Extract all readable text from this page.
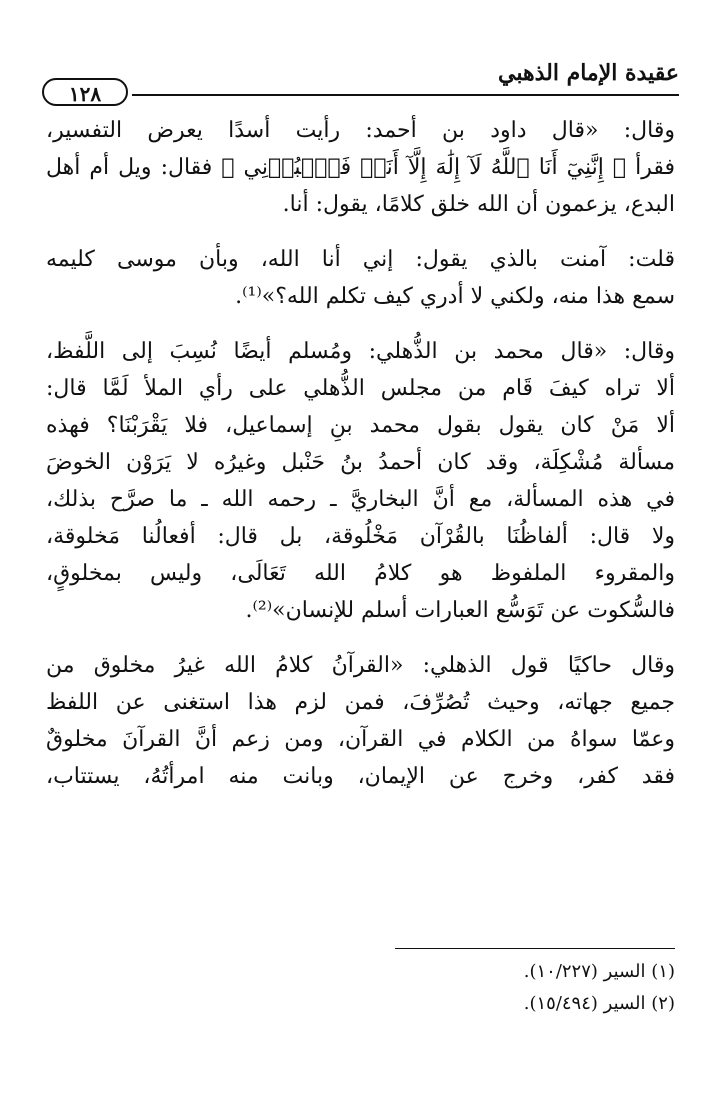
عقيدة الإمام الذهبي
١٢٨

وقال: «قال داود بن أحمد: رأيت أسدًا يعرض التفسير،
فقرأ ﴿ إِنَّنِيٓ أَنَا ٱللَّهُ لَآ إِلَٰهَ إِلَّآ أَنَا۠ فَٱعۡبُدۡنِي ﴾ فقال: ويل أم أهل
البدع، يزعمون أن الله خلق كلامًا، يقول: أنا.

قلت: آمنت بالذي يقول: إني أنا الله، وبأن موسى كليمه
سمع هذا منه، ولكني لا أدري كيف تكلم الله؟»⁽¹⁾.

وقال: «قال محمد بن الذُّهلي: ومُسلم أيضًا نُسِبَ إلى اللَّفظ،
ألا تراه كيفَ قَام من مجلس الذُّهلي على رأي الملأ لَمَّا قال:
ألا مَنْ كان يقول بقول محمد بنِ إسماعيل، فلا يَقْرَبْنَا؟ فهذه
مسألة مُشْكِلَة، وقد كان أحمدُ بنُ حَنْبل وغيرُه لا يَرَوْن الخوضَ
في هذه المسألة، مع أنَّ البخاريَّ ـ رحمه الله ـ ما صرَّح بذلك،
ولا قال: ألفاظُنَا بالقُرْآن مَخْلُوقة، بل قال: أفعالُنا مَخلوقة،
والمقروء الملفوظ هو كلامُ الله تَعَالَى، وليس بمخلوقٍ،
فالسُّكوت عن تَوَسُّع العبارات أسلم للإنسان»⁽²⁾.

وقال حاكيًا قول الذهلي: «القرآنُ كلامُ الله غيرُ مخلوق من
جميع جهاته، وحيث تُصُرِّفَ، فمن لزم هذا استغنى عن اللفظ
وعمّا سواهُ من الكلام في القرآن، ومن زعم أنَّ القرآنَ مخلوقٌ
فقد كفر، وخرج عن الإيمان، وبانت منه امرأتُهُ، يستتاب،

(١) السير (١٠/٢٢٧).
(٢) السير (١٥/٤٩٤).
